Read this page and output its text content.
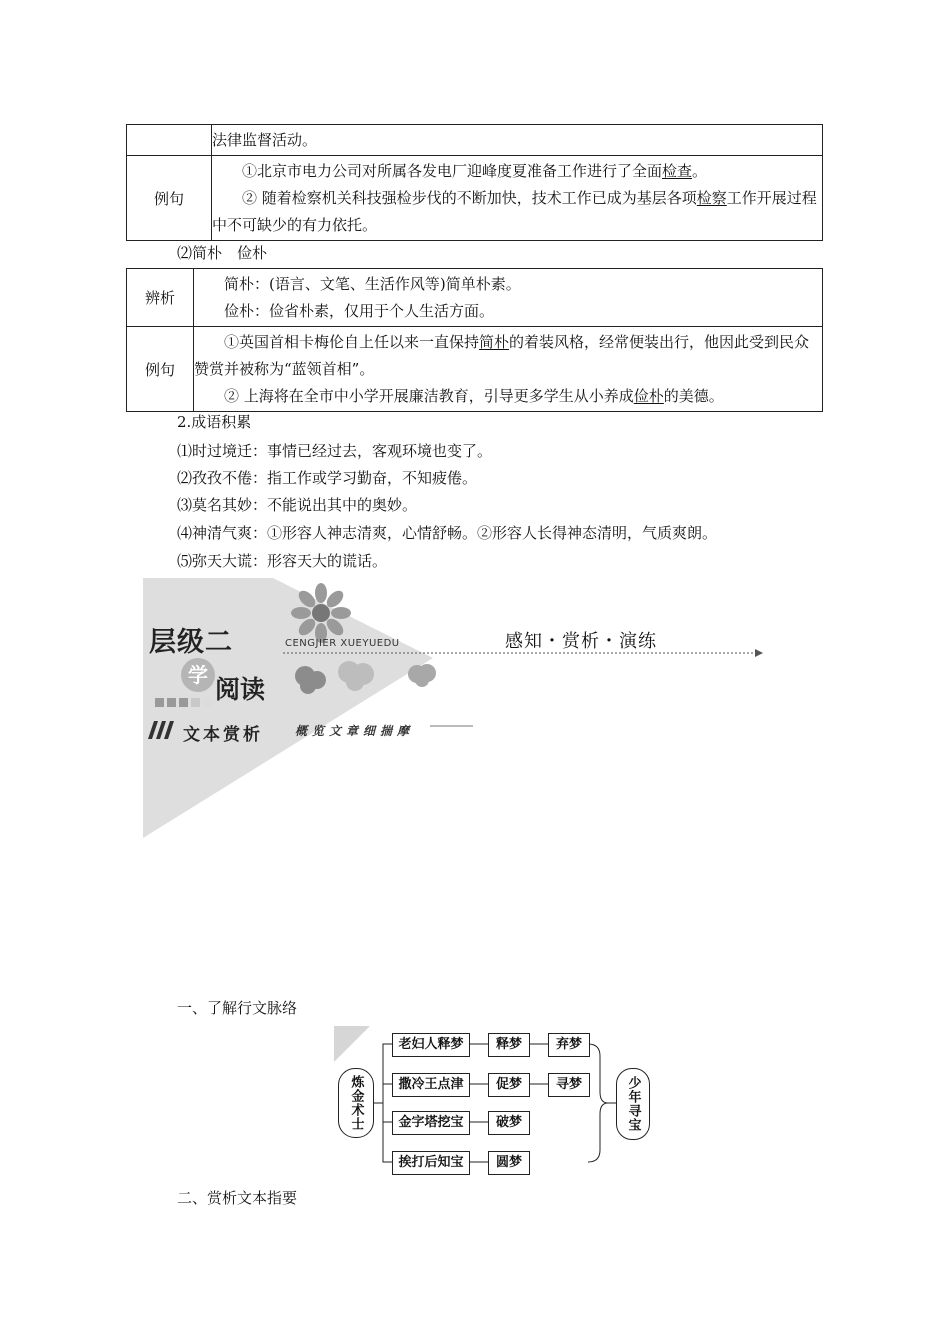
	法律监督活动。
例句	①北京市电力公司对所属各发电厂迎峰度夏准备工作进行了全面检查。
② 随着检察机关科技强检步伐的不断加快，技术工作已成为基层各项检察工作开展过程中不可缺少的有力依托。
⑵简朴　俭朴
辨析	简朴：(语言、文笔、生活作风等)简单朴素。
俭朴：俭省朴素，仅用于个人生活方面。

例句	①英国首相卡梅伦自上任以来一直保持简朴的着装风格，经常便装出行，他因此受到民众赞赏并被称为“蓝领首相”。
② 上海将在全市中小学开展廉洁教育，引导更多学生从小养成俭朴的美德。
2.成语积累
⑴时过境迁：事情已经过去，客观环境也变了。
⑵孜孜不倦：指工作或学习勤奋，不知疲倦。
⑶莫名其妙：不能说出其中的奥妙。
⑷神清气爽：①形容人神志清爽，心情舒畅。②形容人长得神态清明，气质爽朗。
⑸弥天大谎：形容天大的谎话。
CENGJIER XUEYUEDU
层级二
学 阅读
感知・赏析・演练
文本赏析	概览文章细揣摩
一、了解行文脉络
炼金术士
老妇人释梦
撒冷王点津
金字塔挖宝
挨打后知宝
释梦
促梦
破梦
圆梦
弃梦
寻梦	少年寻宝
二、赏析文本指要
